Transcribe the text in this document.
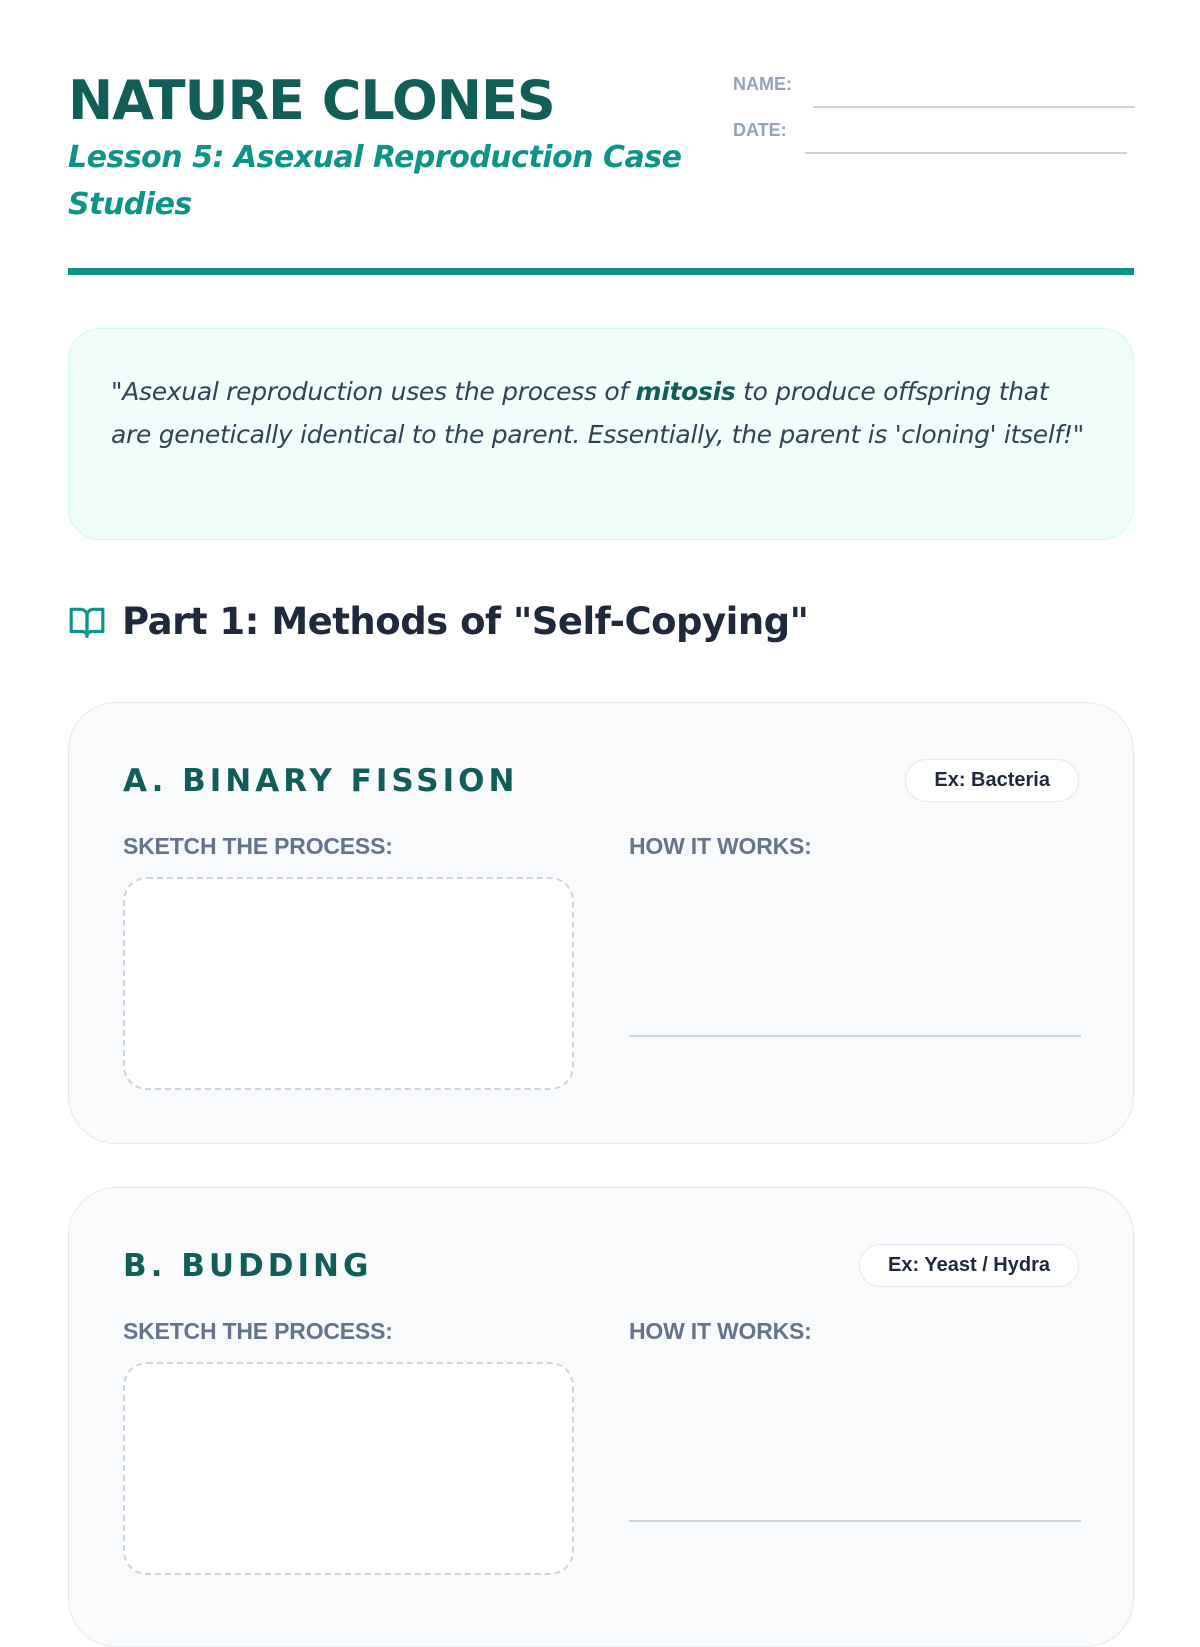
NATURE CLONES
Lesson 5: Asexual Reproduction Case Studies
NAME:
DATE:

"Asexual reproduction uses the process of mitosis to produce offspring that are genetically identical to the parent. Essentially, the parent is 'cloning' itself!"

Part 1: Methods of "Self-Copying"
A. BINARY FISSION	Ex: Bacteria
SKETCH THE PROCESS:	HOW IT WORKS:
B. BUDDING	Ex: Yeast / Hydra
SKETCH THE PROCESS:	HOW IT WORKS:
